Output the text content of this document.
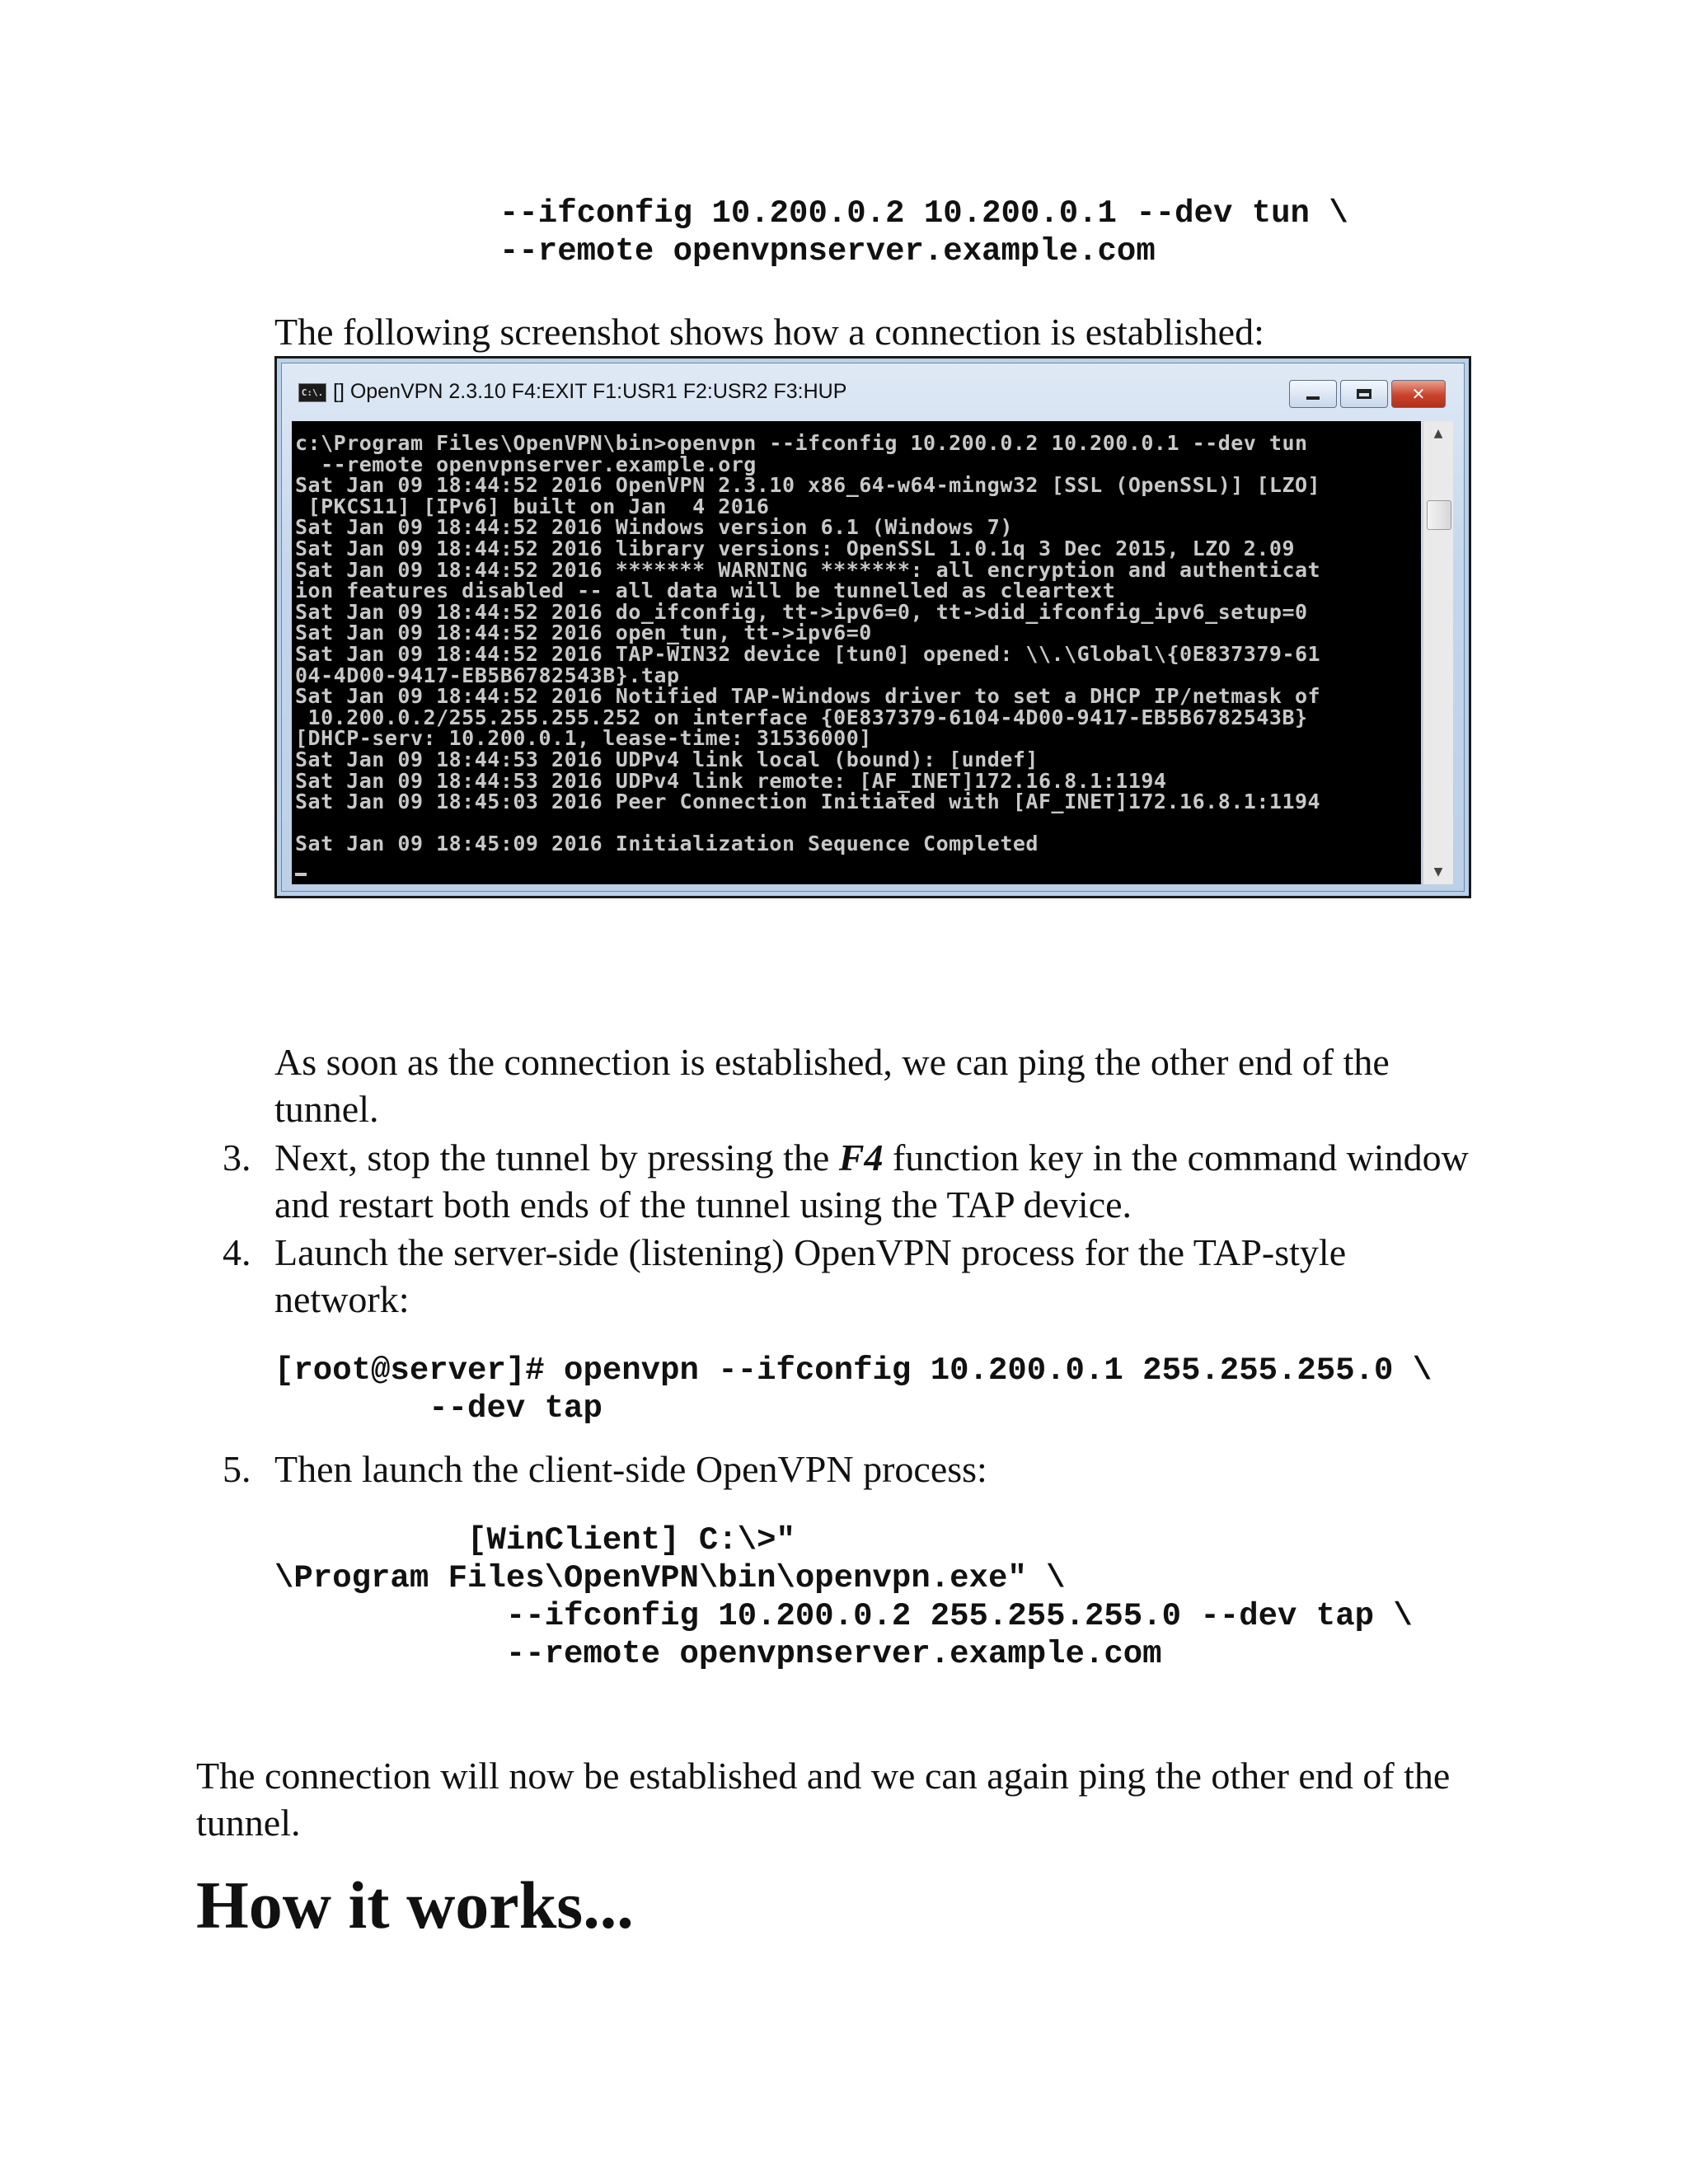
--ifconfig 10.200.0.2 10.200.0.1 --dev tun \
--remote openvpnserver.example.com

The following screenshot shows how a connection is established:

C:\. [] OpenVPN 2.3.10 F4:EXIT F1:USR1 F2:USR2 F3:HUP	✕
c:\Program Files\OpenVPN\bin>openvpn --ifconfig 10.200.0.2 10.200.0.1 --dev tun
--remote openvpnserver.example.org
Sat Jan 09 18:44:52 2016 OpenVPN 2.3.10 x86_64-w64-mingw32 [SSL (OpenSSL)] [LZO]
[PKCS11] [IPv6] built on Jan  4 2016
Sat Jan 09 18:44:52 2016 Windows version 6.1 (Windows 7)
Sat Jan 09 18:44:52 2016 library versions: OpenSSL 1.0.1q 3 Dec 2015, LZO 2.09
Sat Jan 09 18:44:52 2016 ******* WARNING *******: all encryption and authenticat
ion features disabled -- all data will be tunnelled as cleartext
Sat Jan 09 18:44:52 2016 do_ifconfig, tt->ipv6=0, tt->did_ifconfig_ipv6_setup=0
Sat Jan 09 18:44:52 2016 open_tun, tt->ipv6=0
Sat Jan 09 18:44:52 2016 TAP-WIN32 device [tun0] opened: \\.\Global\{0E837379-61
04-4D00-9417-EB5B6782543B}.tap
Sat Jan 09 18:44:52 2016 Notified TAP-Windows driver to set a DHCP IP/netmask of
10.200.0.2/255.255.255.252 on interface {0E837379-6104-4D00-9417-EB5B6782543B}
[DHCP-serv: 10.200.0.1, lease-time: 31536000]
Sat Jan 09 18:44:53 2016 UDPv4 link local (bound): [undef]
Sat Jan 09 18:44:53 2016 UDPv4 link remote: [AF_INET]172.16.8.1:1194
Sat Jan 09 18:45:03 2016 Peer Connection Initiated with [AF_INET]172.16.8.1:1194

Sat Jan 09 18:45:09 2016 Initialization Sequence Completed
▲
▼

As soon as the connection is established, we can ping the other end of the tunnel.

3. Next, stop the tunnel by pressing the F4 function key in the command window and restart both ends of the tunnel using the TAP device.

4. Launch the server-side (listening) OpenVPN process for the TAP-style network:

[root@server]# openvpn --ifconfig 10.200.0.1 255.255.255.0 \
--dev tap
5. Then launch the client-side OpenVPN process:

[WinClient] C:\>"
\Program Files\OpenVPN\bin\openvpn.exe" \
--ifconfig 10.200.0.2 255.255.255.0 --dev tap \
--remote openvpnserver.example.com

The connection will now be established and we can again ping the other end of the tunnel.

How it works...
